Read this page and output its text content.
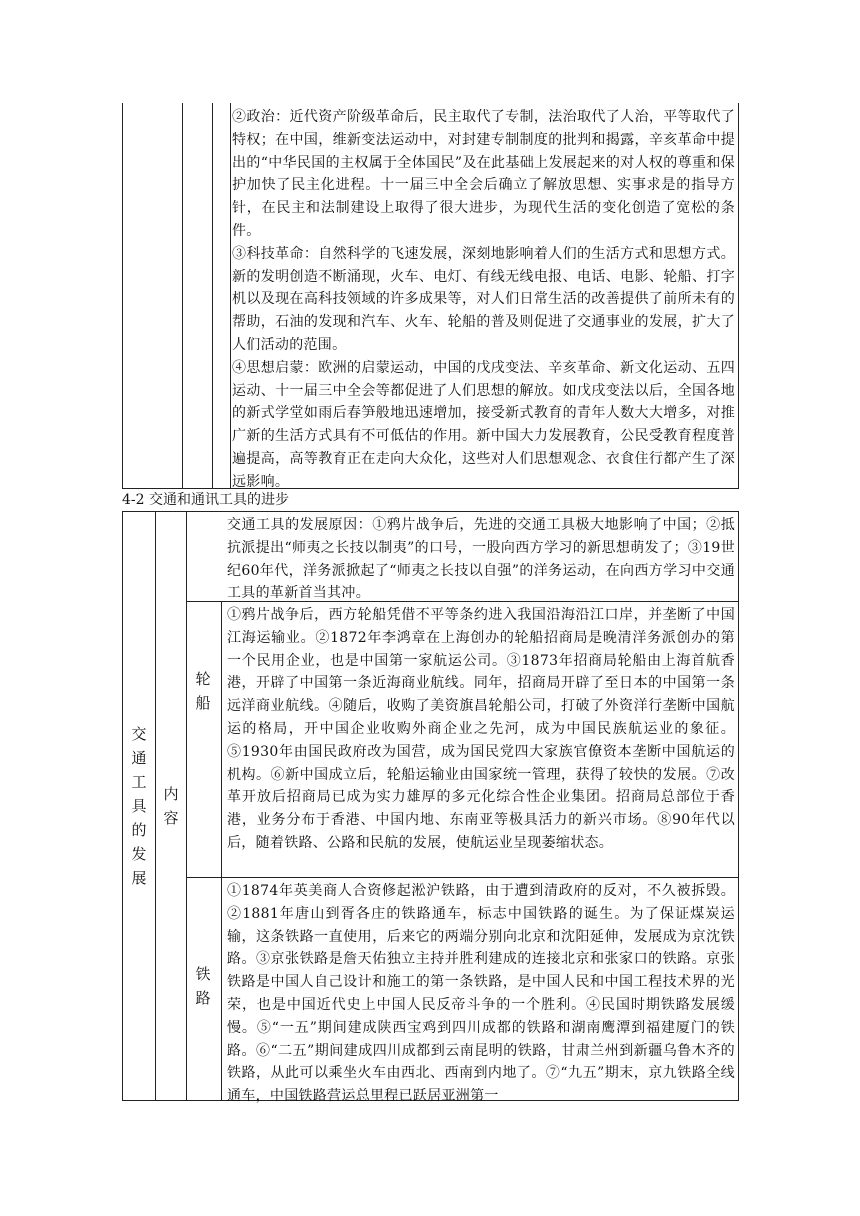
②政治：近代资产阶级革命后，民主取代了专制，法治取代了人治，平等取代了特权；在中国，维新变法运动中，对封建专制制度的批判和揭露，辛亥革命中提出的“中华民国的主权属于全体国民”及在此基础上发展起来的对人权的尊重和保护加快了民主化进程。十一届三中全会后确立了解放思想、实事求是的指导方针，在民主和法制建设上取得了很大进步，为现代生活的变化创造了宽松的条件。

③科技革命：自然科学的飞速发展，深刻地影响着人们的生活方式和思想方式。新的发明创造不断涌现，火车、电灯、有线无线电报、电话、电影、轮船、打字机以及现在高科技领域的许多成果等，对人们日常生活的改善提供了前所未有的帮助，石油的发现和汽车、火车、轮船的普及则促进了交通事业的发展，扩大了人们活动的范围。

④思想启蒙：欧洲的启蒙运动，中国的戊戌变法、辛亥革命、新文化运动、五四运动、十一届三中全会等都促进了人们思想的解放。如戊戌变法以后，全国各地的新式学堂如雨后春笋般地迅速增加，接受新式教育的青年人数大大增多，对推广新的生活方式具有不可低估的作用。新中国大力发展教育，公民受教育程度普遍提高，高等教育正在走向大众化，这些对人们思想观念、衣食住行都产生了深远影响。

4-2 交通和通讯工具的进步
交通工具的发展
内容
交通工具的发展原因：①鸦片战争后，先进的交通工具极大地影响了中国；②抵抗派提出“师夷之长技以制夷”的口号，一股向西方学习的新思想萌发了；③19世纪60年代，洋务派掀起了“师夷之长技以自强”的洋务运动，在向西方学习中交通工具的革新首当其冲。
轮船
①鸦片战争后，西方轮船凭借不平等条约进入我国沿海沿江口岸，并垄断了中国江海运输业。②1872年李鸿章在上海创办的轮船招商局是晚清洋务派创办的第一个民用企业，也是中国第一家航运公司。③1873年招商局轮船由上海首航香港，开辟了中国第一条近海商业航线。同年，招商局开辟了至日本的中国第一条远洋商业航线。④随后，收购了美资旗昌轮船公司，打破了外资洋行垄断中国航运的格局，开中国企业收购外商企业之先河，成为中国民族航运业的象征。⑤1930年由国民政府改为国营，成为国民党四大家族官僚资本垄断中国航运的机构。⑥新中国成立后，轮船运输业由国家统一管理，获得了较快的发展。⑦改革开放后招商局已成为实力雄厚的多元化综合性企业集团。招商局总部位于香港，业务分布于香港、中国内地、东南亚等极具活力的新兴市场。⑧90年代以后，随着铁路、公路和民航的发展，使航运业呈现萎缩状态。
铁路
①1874年英美商人合资修起淞沪铁路，由于遭到清政府的反对，不久被拆毁。②1881年唐山到胥各庄的铁路通车，标志中国铁路的诞生。为了保证煤炭运输，这条铁路一直使用，后来它的两端分别向北京和沈阳延伸，发展成为京沈铁路。③京张铁路是詹天佑独立主持并胜利建成的连接北京和张家口的铁路。京张铁路是中国人自己设计和施工的第一条铁路，是中国人民和中国工程技术界的光荣，也是中国近代史上中国人民反帝斗争的一个胜利。④民国时期铁路发展缓慢。⑤“一五”期间建成陕西宝鸡到四川成都的铁路和湖南鹰潭到福建厦门的铁路。⑥“二五”期间建成四川成都到云南昆明的铁路，甘肃兰州到新疆乌鲁木齐的铁路，从此可以乘坐火车由西北、西南到内地了。⑦“九五”期末，京九铁路全线通车，中国铁路营运总里程已跃居亚洲第一
